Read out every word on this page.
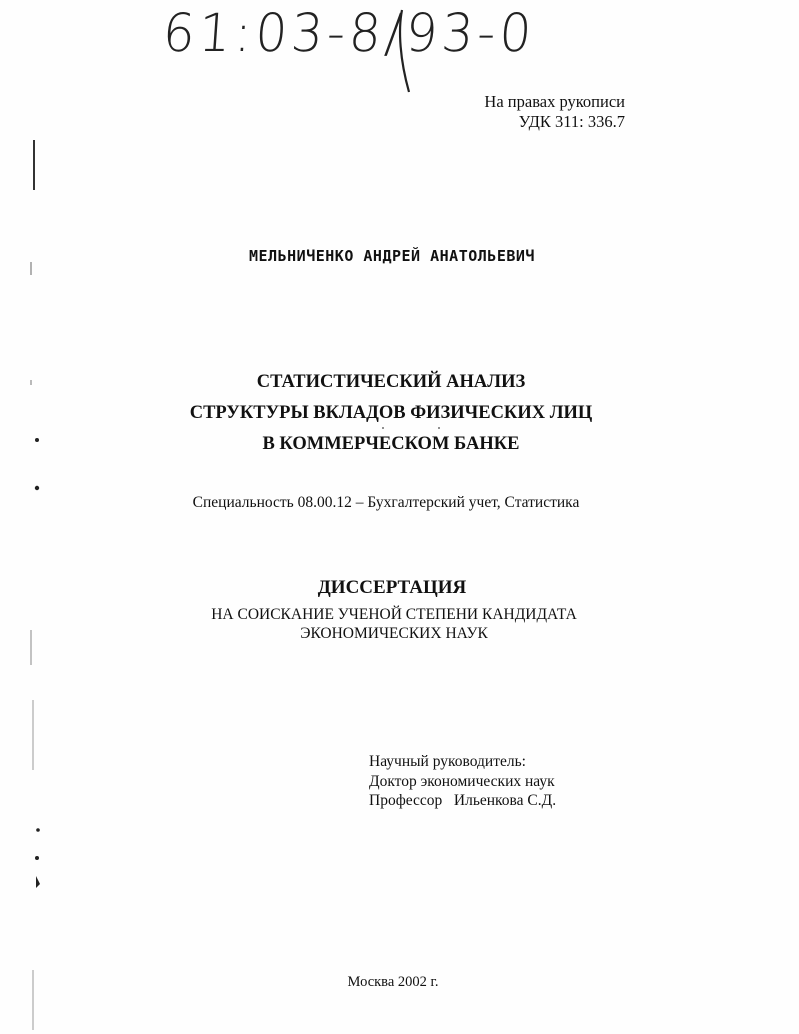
61:03-8/93-0
На правах рукописи
УДК 311: 336.7
МЕЛЬНИЧЕНКО АНДРЕЙ АНАТОЛЬЕВИЧ
СТАТИСТИЧЕСКИЙ АНАЛИЗ
СТРУКТУРЫ ВКЛАДОВ ФИЗИЧЕСКИХ ЛИЦ
В КОММЕРЧЕСКОМ БАНКЕ
Специальность 08.00.12 – Бухгалтерский учет, Статистика
ДИССЕРТАЦИЯ
НА СОИСКАНИЕ УЧЕНОЙ СТЕПЕНИ КАНДИДАТА
ЭКОНОМИЧЕСКИХ НАУК
Научный руководитель:
Доктор экономических наук
Профессор   Ильенкова С.Д.
Москва 2002 г.
